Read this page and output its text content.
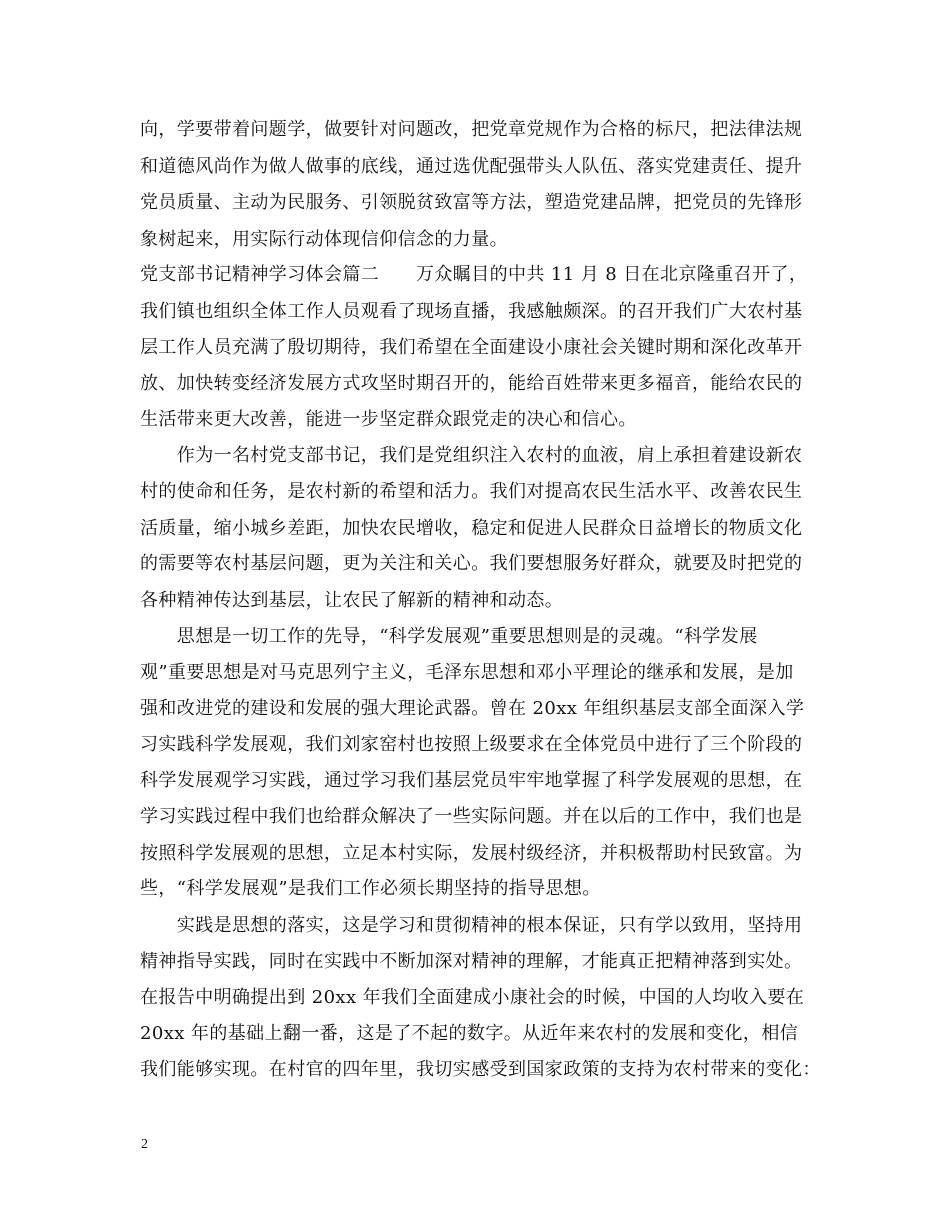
向，学要带着问题学，做要针对问题改，把党章党规作为合格的标尺，把法律法规
和道德风尚作为做人做事的底线，通过选优配强带头人队伍、落实党建责任、提升
党员质量、主动为民服务、引领脱贫致富等方法，塑造党建品牌，把党员的先锋形
象树起来，用实际行动体现信仰信念的力量。
党支部书记精神学习体会篇二　　万众瞩目的中共 11 月 8 日在北京隆重召开了，
我们镇也组织全体工作人员观看了现场直播，我感触颇深。的召开我们广大农村基
层工作人员充满了殷切期待，我们希望在全面建设小康社会关键时期和深化改革开
放、加快转变经济发展方式攻坚时期召开的，能给百姓带来更多福音，能给农民的
生活带来更大改善，能进一步坚定群众跟党走的决心和信心。
　　作为一名村党支部书记，我们是党组织注入农村的血液，肩上承担着建设新农
村的使命和任务，是农村新的希望和活力。我们对提高农民生活水平、改善农民生
活质量，缩小城乡差距，加快农民增收，稳定和促进人民群众日益增长的物质文化
的需要等农村基层问题，更为关注和关心。我们要想服务好群众，就要及时把党的
各种精神传达到基层，让农民了解新的精神和动态。
　　思想是一切工作的先导，“科学发展观”重要思想则是的灵魂。“科学发展
观”重要思想是对马克思列宁主义，毛泽东思想和邓小平理论的继承和发展，是加
强和改进党的建设和发展的强大理论武器。曾在 20xx 年组织基层支部全面深入学
习实践科学发展观，我们刘家窑村也按照上级要求在全体党员中进行了三个阶段的
科学发展观学习实践，通过学习我们基层党员牢牢地掌握了科学发展观的思想，在
学习实践过程中我们也给群众解决了一些实际问题。并在以后的工作中，我们也是
按照科学发展观的思想，立足本村实际，发展村级经济，并积极帮助村民致富。为
些，“科学发展观”是我们工作必须长期坚持的指导思想。
　　实践是思想的落实，这是学习和贯彻精神的根本保证，只有学以致用，坚持用
精神指导实践，同时在实践中不断加深对精神的理解，才能真正把精神落到实处。
在报告中明确提出到 20xx 年我们全面建成小康社会的时候，中国的人均收入要在
20xx 年的基础上翻一番，这是了不起的数字。从近年来农村的发展和变化，相信
我们能够实现。在村官的四年里，我切实感受到国家政策的支持为农村带来的变化：
2
